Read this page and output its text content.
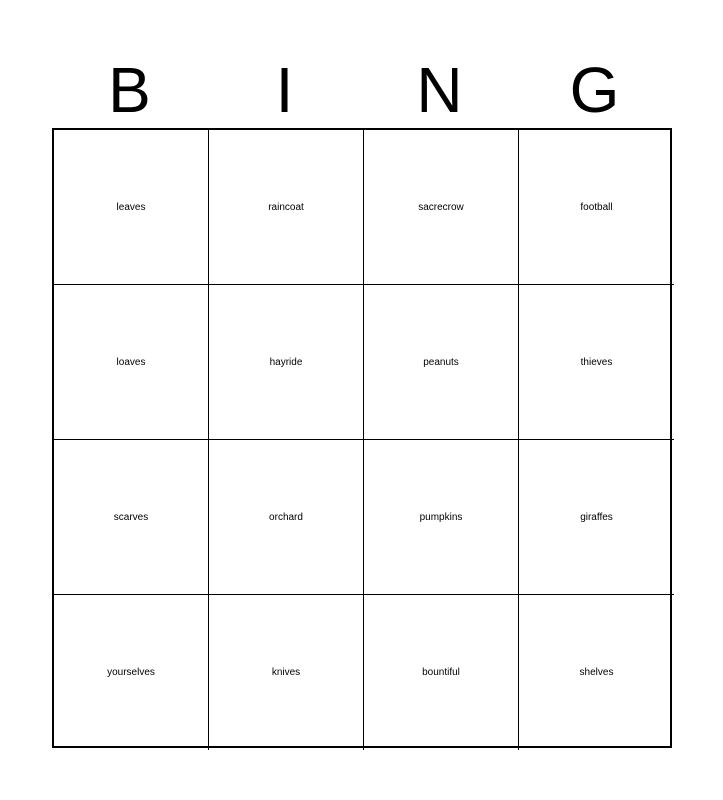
B	I	N	G
leaves	raincoat	sacrecrow	football
loaves	hayride	peanuts	thieves
scarves	orchard	pumpkins	giraffes
yourselves	knives	bountiful	shelves
